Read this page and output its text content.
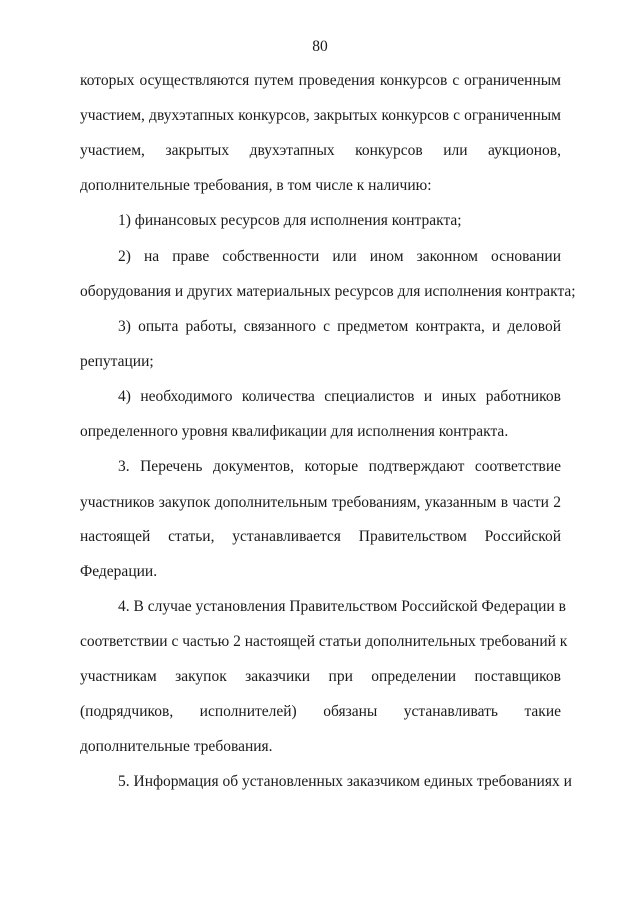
80
которых осуществляются путем проведения конкурсов с ограниченным
участием, двухэтапных конкурсов, закрытых конкурсов с ограниченным
участием, закрытых двухэтапных конкурсов или аукционов,
дополнительные требования, в том числе к наличию:
1) финансовых ресурсов для исполнения контракта;
2) на праве собственности или ином законном основании
оборудования и других материальных ресурсов для исполнения контракта;
3) опыта работы, связанного с предметом контракта, и деловой
репутации;
4) необходимого количества специалистов и иных работников
определенного уровня квалификации для исполнения контракта.
3. Перечень документов, которые подтверждают соответствие
участников закупок дополнительным требованиям, указанным в части 2
настоящей статьи, устанавливается Правительством Российской
Федерации.
4. В случае установления Правительством Российской Федерации в
соответствии с частью 2 настоящей статьи дополнительных требований к
участникам закупок заказчики при определении поставщиков
(подрядчиков, исполнителей) обязаны устанавливать такие
дополнительные требования.
5. Информация об установленных заказчиком единых требованиях и
